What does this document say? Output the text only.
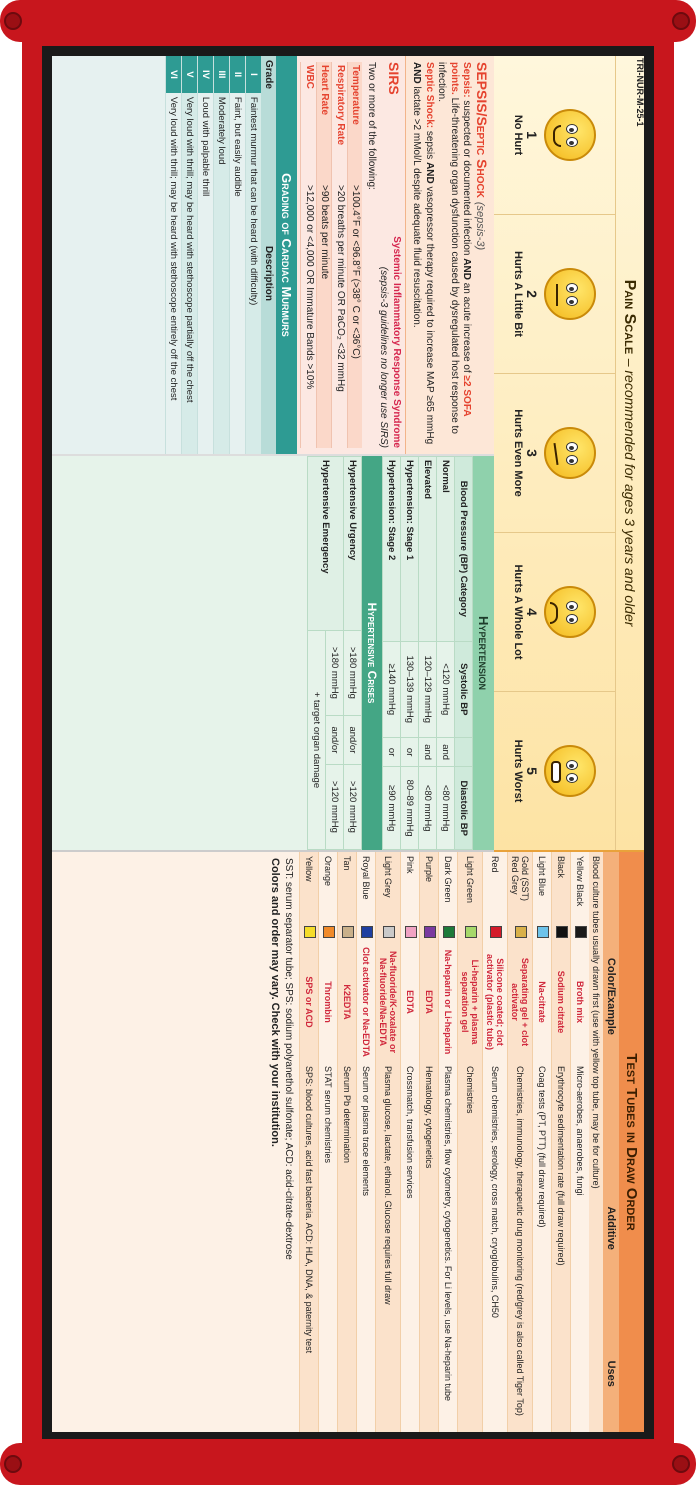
TRI-NUR-M-25-1
Pain Scale – recommended for ages 3 years and older
1
No Hurt
2
Hurts A Little Bit
3
Hurts Even More
4
Hurts A Whole Lot
5
Hurts Worst
SEPSIS/Septic Shock (sepsis-3)

Sepsis: suspected or documented infection AND an acute increase of ≥2 SOFA points. Life-threatening organ dysfunction caused by dysregulated host response to infection.

Septic Shock: sepsis AND vasopressor therapy required to increase MAP ≥65 mmHg AND lactate >2 mMol/L despite adequate fluid resuscitation.

SIRS
Systemic Inflammatory Response Syndrome
(sepsis-3 guidelines no longer use SIRS)
Two or more of the following:
Temperature	>100.4°F or <96.8°F (>38° C or <36°C)
Respiratory Rate	>20 breaths per minute OR PaCO₂ <32 mmHg
Heart Rate	>90 beats per minute
WBC	>12,000 or <4,000 OR Immature Bands >10%
Grading of Cardiac Murmurs
Grade	Description
I	Faintest murmur that can be heard (with difficulty)
II	Faint, but easily audible
III	Moderately loud
IV	Loud with palpable thrill
V	Very loud with thrill; may be heard with stethoscope partially off the chest
VI	Very loud with thrill; may be heard with stethoscope entirely off the chest
Hypertension
Blood Pressure (BP) Category	Systolic BP		Diastolic BP
Normal	<120 mmHg	and	<80 mmHg
Elevated	120–129 mmHg	and	<80 mmHg
Hypertension: Stage 1	130–139 mmHg	or	80–89 mmHg
Hypertension: Stage 2	≥140 mmHg	or	≥90 mmHg
Hypertensive Crises
Hypertensive Urgency	>180 mmHg	and/or	>120 mmHg
Hypertensive Emergency	>180 mmHg	and/or	>120 mmHg
	+ target organ damage		
Test Tubes in Draw Order
Color/Example	Additive	Uses
Blood culture tubes usually drawn first (use with yellow top tube, may be for culture)
Yellow Black		Broth mix	Micro-aerobes, anaerobes, fungi
Black		Sodium citrate	Erythrocyte sedimentation rate (full draw required)
Light Blue		Na-citrate	Coag tests (PT, PTT) (full draw required)
Gold (SST) Red Grey		Separating gel + clot activator	Chemistries, immunology, therapeutic drug monitoring (red/grey is also called Tiger Top)
Red		Silicone coated; clot activator (plastic tube)	Serum chemistries, serology, cross match, cryoglobulins, CH50
Light Green		Li-heparin + plasma separation gel	Chemistries
Dark Green		Na-heparin or Li-heparin	Plasma chemistries, flow cytometry, cytogenetics. For Li levels, use Na-heparin tube
Purple		EDTA	Hematology, cytogenetics
Pink		EDTA	Crossmatch, transfusion services
Light Grey		Na-fluoride/K-oxalate or Na-fluoride/Na-EDTA	Plasma glucose, lactate, ethanol. Glucose requires full draw
Royal Blue		Clot activator or Na-EDTA	Serum or plasma trace elements
Tan		K2EDTA	Serum Pb determination
Orange		Thrombin	STAT serum chemistries
Yellow		SPS or ACD	SPS: blood cultures, acid fast bacteria. ACD: HLA, DNA, & paternity test
SST: serum separator tube; SPS: sodium polyanethol sulfonate; ACD: acid-citrate-dextrose
Colors and order may vary. Check with your institution.
